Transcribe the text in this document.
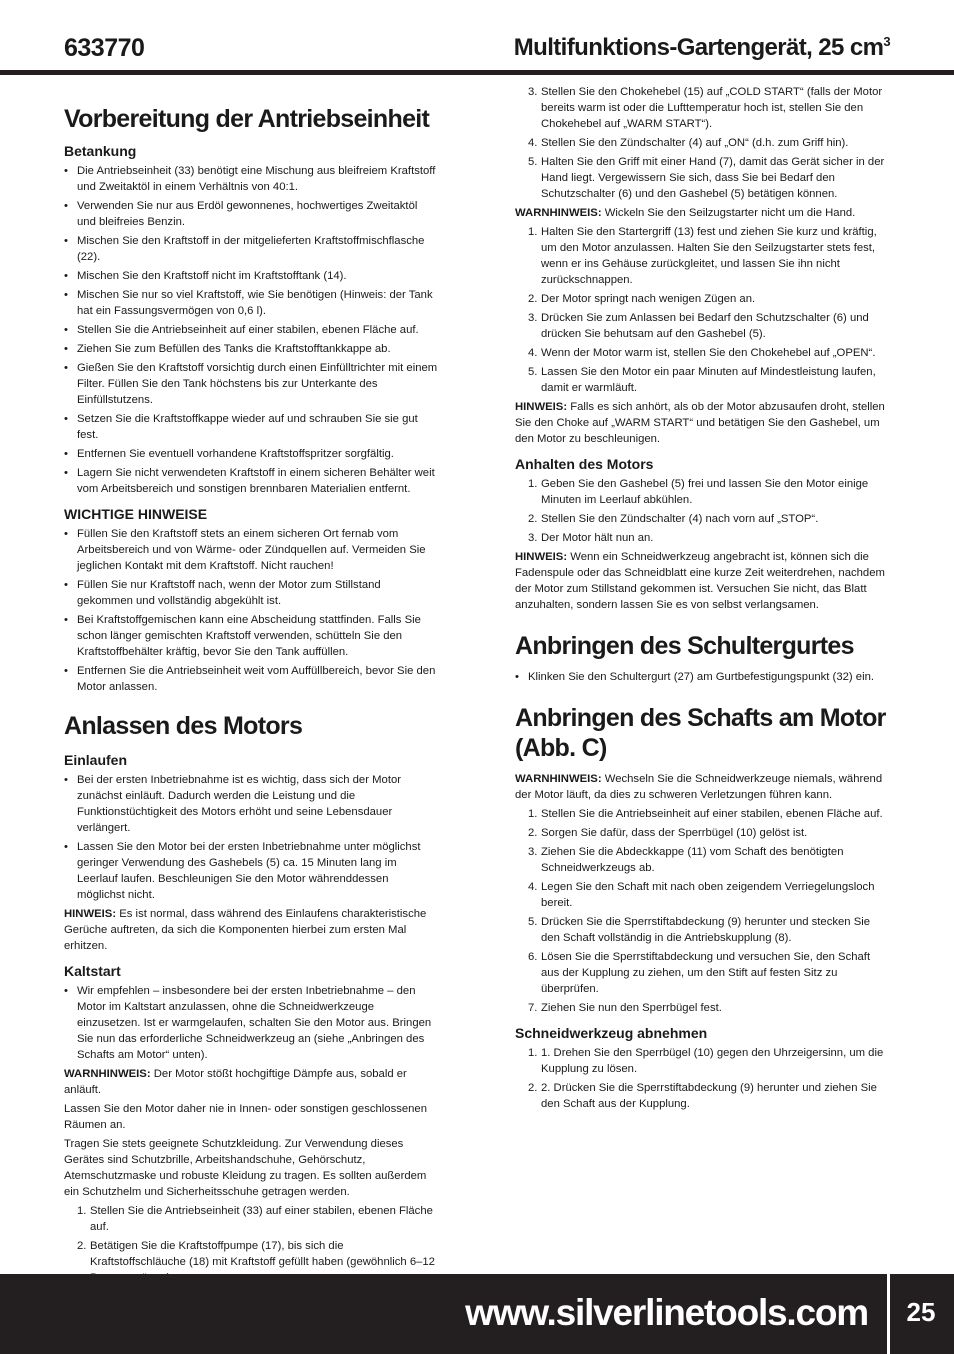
633770	Multifunktions-Gartengerät, 25 $cm^3$
Vorbereitung der Antriebseinheit
Betankung
• Die Antriebseinheit (33) benötigt eine Mischung aus bleifreiem Kraftstoff und Zweitaktöl in einem Verhältnis von 40:1.
• Verwenden Sie nur aus Erdöl gewonnenes, hochwertiges Zweitaktöl und bleifreies Benzin.
• Mischen Sie den Kraftstoff in der mitgelieferten Kraftstoffmischflasche (22).
• Mischen Sie den Kraftstoff nicht im Kraftstofftank (14).
• Mischen Sie nur so viel Kraftstoff, wie Sie benötigen (Hinweis: der Tank hat ein Fassungsvermögen von 0,6 l).
• Stellen Sie die Antriebseinheit auf einer stabilen, ebenen Fläche auf.
• Ziehen Sie zum Befüllen des Tanks die Kraftstofftankkappe ab.
• Gießen Sie den Kraftstoff vorsichtig durch einen Einfülltrichter mit einem Filter. Füllen Sie den Tank höchstens bis zur Unterkante des Einfüllstutzens.
• Setzen Sie die Kraftstoffkappe wieder auf und schrauben Sie sie gut fest.
• Entfernen Sie eventuell vorhandene Kraftstoffspritzer sorgfältig.
• Lagern Sie nicht verwendeten Kraftstoff in einem sicheren Behälter weit vom Arbeitsbereich und sonstigen brennbaren Materialien entfernt.
WICHTIGE HINWEISE
• Füllen Sie den Kraftstoff stets an einem sicheren Ort fernab vom Arbeitsbereich und von Wärme- oder Zündquellen auf. Vermeiden Sie jeglichen Kontakt mit dem Kraftstoff. Nicht rauchen!
• Füllen Sie nur Kraftstoff nach, wenn der Motor zum Stillstand gekommen und vollständig abgekühlt ist.
• Bei Kraftstoffgemischen kann eine Abscheidung stattfinden. Falls Sie schon länger gemischten Kraftstoff verwenden, schütteln Sie den Kraftstoffbehälter kräftig, bevor Sie den Tank auffüllen.
• Entfernen Sie die Antriebseinheit weit vom Auffüllbereich, bevor Sie den Motor anlassen.
Anlassen des Motors
Einlaufen
• Bei der ersten Inbetriebnahme ist es wichtig, dass sich der Motor zunächst einläuft. Dadurch werden die Leistung und die Funktionstüchtigkeit des Motors erhöht und seine Lebensdauer verlängert.
• Lassen Sie den Motor bei der ersten Inbetriebnahme unter möglichst geringer Verwendung des Gashebels (5) ca. 15 Minuten lang im Leerlauf laufen. Beschleunigen Sie den Motor währenddessen möglichst nicht.

HINWEIS: Es ist normal, dass während des Einlaufens charakteristische Gerüche auftreten, da sich die Komponenten hierbei zum ersten Mal erhitzen.

Kaltstart
• Wir empfehlen – insbesondere bei der ersten Inbetriebnahme – den Motor im Kaltstart anzulassen, ohne die Schneidwerkzeuge einzusetzen. Ist er warmgelaufen, schalten Sie den Motor aus. Bringen Sie nun das erforderliche Schneidwerkzeug an (siehe „Anbringen des Schafts am Motor“ unten).

WARNHINWEIS: Der Motor stößt hochgiftige Dämpfe aus, sobald er anläuft.

Lassen Sie den Motor daher nie in Innen- oder sonstigen geschlossenen Räumen an.

Tragen Sie stets geeignete Schutzkleidung. Zur Verwendung dieses Gerätes sind Schutzbrille, Arbeitshandschuhe, Gehörschutz, Atemschutzmaske und robuste Kleidung zu tragen. Es sollten außerdem ein Schutzhelm und Sicherheitsschuhe getragen werden.

1. Stellen Sie die Antriebseinheit (33) auf einer stabilen, ebenen Fläche auf.
2. Betätigen Sie die Kraftstoffpumpe (17), bis sich die Kraftstoffschläuche (18) mit Kraftstoff gefüllt haben (gewöhnlich 6–12
3. Stellen Sie den Chokehebel (15) auf „COLD START“ (falls der Motor bereits warm ist oder die Lufttemperatur hoch ist, stellen Sie den Chokehebel auf „WARM START“).
4. Stellen Sie den Zündschalter (4) auf „ON“ (d.h. zum Griff hin).
5. Halten Sie den Griff mit einer Hand (7), damit das Gerät sicher in der Hand liegt. Vergewissern Sie sich, dass Sie bei Bedarf den Schutzschalter (6) und den Gashebel (5) betätigen können.

WARNHINWEIS: Wickeln Sie den Seilzugstarter nicht um die Hand.

1. Halten Sie den Startergriff (13) fest und ziehen Sie kurz und kräftig, um den Motor anzulassen. Halten Sie den Seilzugstarter stets fest, wenn er ins Gehäuse zurückgleitet, und lassen Sie ihn nicht zurückschnappen.
2. Der Motor springt nach wenigen Zügen an.
3. Drücken Sie zum Anlassen bei Bedarf den Schutzschalter (6) und drücken Sie behutsam auf den Gashebel (5).
4. Wenn der Motor warm ist, stellen Sie den Chokehebel auf „OPEN“.
5. Lassen Sie den Motor ein paar Minuten auf Mindestleistung laufen, damit er warmläuft.

HINWEIS: Falls es sich anhört, als ob der Motor abzusaufen droht, stellen Sie den Choke auf „WARM START“ und betätigen Sie den Gashebel, um den Motor zu beschleunigen.

Anhalten des Motors
1. Geben Sie den Gashebel (5) frei und lassen Sie den Motor einige Minuten im Leerlauf abkühlen.
2. Stellen Sie den Zündschalter (4) nach vorn auf „STOP“.
3. Der Motor hält nun an.

HINWEIS: Wenn ein Schneidwerkzeug angebracht ist, können sich die Fadenspule oder das Schneidblatt eine kurze Zeit weiterdrehen, nachdem der Motor zum Stillstand gekommen ist. Versuchen Sie nicht, das Blatt anzuhalten, sondern lassen Sie es von selbst verlangsamen.

Anbringen des Schultergurtes
• Klinken Sie den Schultergurt (27) am Gurtbefestigungspunkt (32) ein.
Anbringen des Schafts am Motor (Abb. C)

WARNHINWEIS: Wechseln Sie die Schneidwerkzeuge niemals, während der Motor läuft, da dies zu schweren Verletzungen führen kann.

1. Stellen Sie die Antriebseinheit auf einer stabilen, ebenen Fläche auf.
2. Sorgen Sie dafür, dass der Sperrbügel (10) gelöst ist.
3. Ziehen Sie die Abdeckkappe (11) vom Schaft des benötigten Schneidwerkzeugs ab.
4. Legen Sie den Schaft mit nach oben zeigendem Verriegelungsloch bereit.
5. Drücken Sie die Sperrstiftabdeckung (9) herunter und stecken Sie den Schaft vollständig in die Antriebskupplung (8).
6. Lösen Sie die Sperrstiftabdeckung und versuchen Sie, den Schaft aus der Kupplung zu ziehen, um den Stift auf festen Sitz zu überprüfen.
7. Ziehen Sie nun den Sperrbügel fest.
Schneidwerkzeug abnehmen
1. 1. Drehen Sie den Sperrbügel (10) gegen den Uhrzeigersinn, um die Kupplung zu lösen.
2. 2. Drücken Sie die Sperrstiftabdeckung (9) herunter und ziehen Sie den Schaft aus der Kupplung.
www.silverlinetools.com	25
